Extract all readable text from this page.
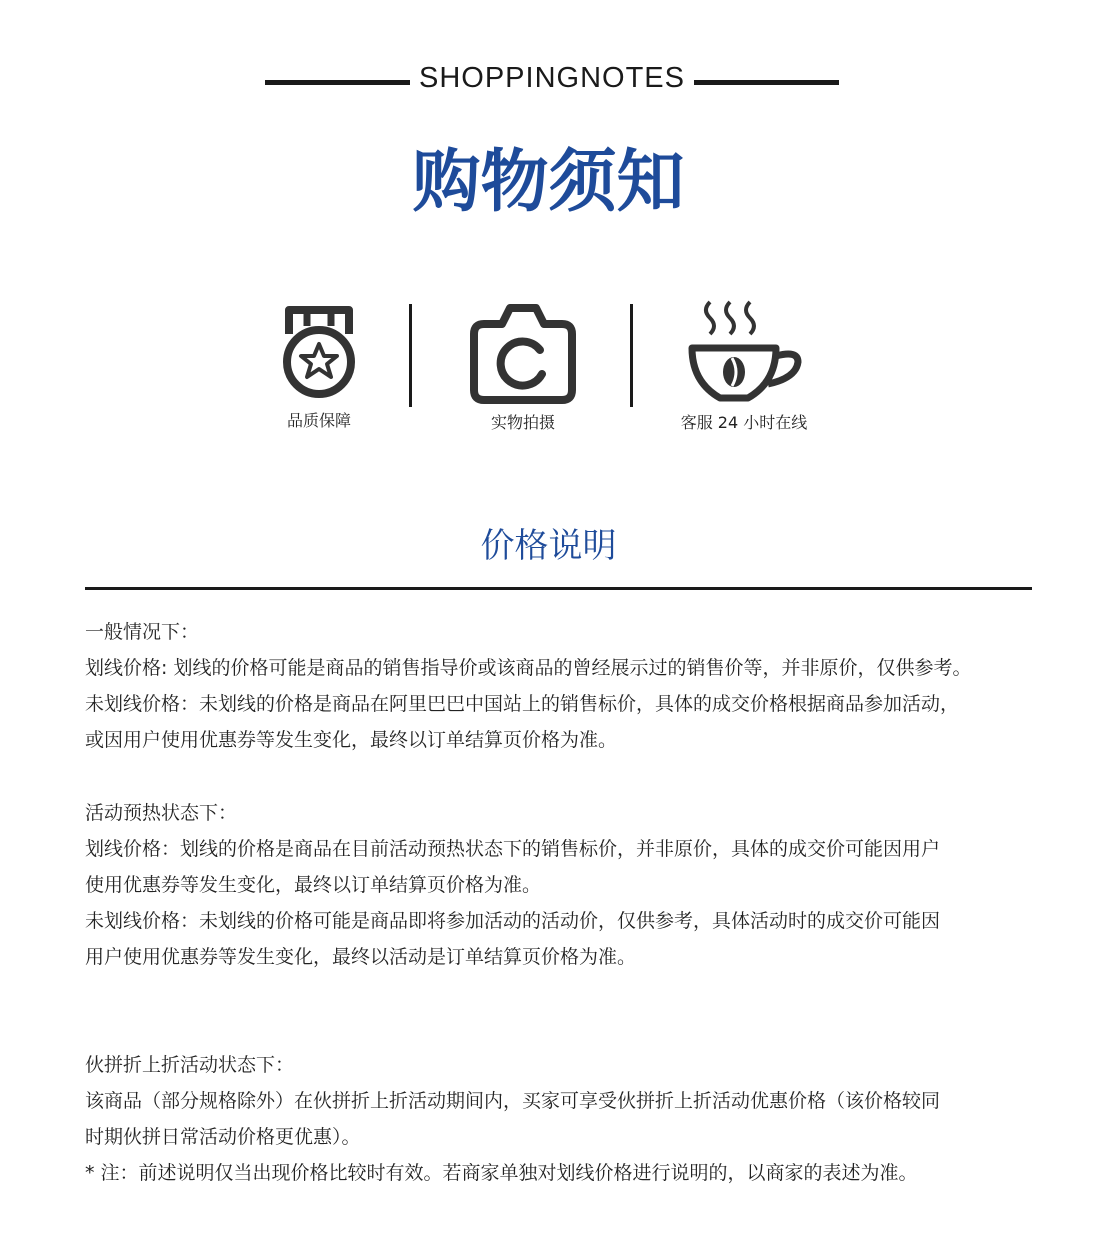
SHOPPINGNOTES
购物须知
品质保障	实物拍摄	客服 24 小时在线
价格说明

一般情况下：

划线价格: 划线的价格可能是商品的销售指导价或该商品的曾经展示过的销售价等，并非原价，仅供参考。

未划线价格：未划线的价格是商品在阿里巴巴中国站上的销售标价，具体的成交价格根据商品参加活动，

或因用户使用优惠券等发生变化，最终以订单结算页价格为准。

活动预热状态下：

划线价格：划线的价格是商品在目前活动预热状态下的销售标价，并非原价，具体的成交价可能因用户

使用优惠券等发生变化，最终以订单结算页价格为准。

未划线价格：未划线的价格可能是商品即将参加活动的活动价，仅供参考，具体活动时的成交价可能因

用户使用优惠券等发生变化，最终以活动是订单结算页价格为准。

伙拼折上折活动状态下：

该商品（部分规格除外）在伙拼折上折活动期间内，买家可享受伙拼折上折活动优惠价格（该价格较同

时期伙拼日常活动价格更优惠）。

* 注：前述说明仅当出现价格比较时有效。若商家单独对划线价格进行说明的，以商家的表述为准。
